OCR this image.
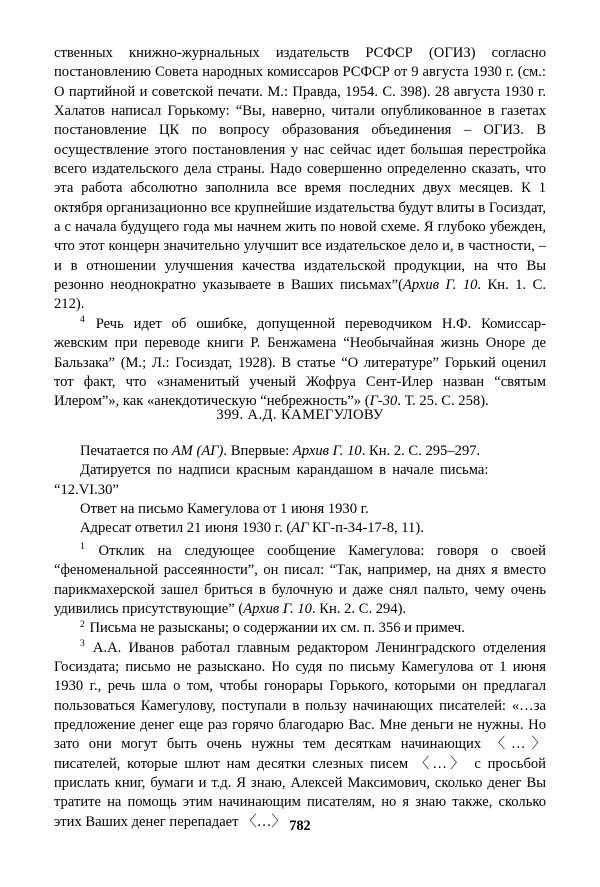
ственных книжно-журнальных издательств РСФСР (ОГИЗ) согласно постановлению Совета народных комиссаров РСФСР от 9 августа 1930 г. (см.: О партийной и советской печати. М.: Правда, 1954. С. 398). 28 августа 1930 г. Халатов написал Горькому: “Вы, наверно, читали опубликованное в газетах постановление ЦК по вопросу образования объединения – ОГИЗ. В осуществление этого постановления у нас сейчас идет большая перестройка всего издательского дела страны. Надо совершенно определенно сказать, что эта работа абсолютно заполнила все время последних двух месяцев. К 1 октября организационно все крупнейшие издательства будут влиты в Госиздат, а с начала будущего года мы начнем жить по новой схеме. Я глубоко убежден, что этот концерн значительно улучшит все издательское дело и, в частности, – и в отношении улучшения качества издательской продукции, на что Вы резонно неоднократно указываете в Ваших письмах”(Архив Г. 10. Кн. 1. С. 212).

$^4$ Речь идет об ошибке, допущенной переводчиком Н.Ф. Комиссар-жевским при переводе книги Р. Бенжамена “Необычайная жизнь Оноре де Бальзака” (М.; Л.: Госиздат, 1928). В статье “О литературе” Горький оценил тот факт, что «знаменитый ученый Жофруа Сент-Илер назван “святым Илером”», как «анекдотическую “небрежность”» (Г-30. Т. 25. С. 258).

399. А.Д. КАМЕГУЛОВУ

Печатается по АМ (АГ). Впервые: Архив Г. 10. Кн. 2. С. 295–297.

Датируется по надписи красным карандашом в начале письма:

“12.VI.30”

Ответ на письмо Камегулова от 1 июня 1930 г.

Адресат ответил 21 июня 1930 г. (АГ КГ-п-34-17-8, 11).

$^1$ Отклик на следующее сообщение Камегулова: говоря о своей “феноменальной рассеянности”, он писал: “Так, например, на днях я вместо парикмахерской зашел бриться в булочную и даже снял пальто, чему очень удивились присутствующие” (Архив Г. 10. Кн. 2. С. 294).

$^2$ Письма не разысканы; о содержании их см. п. 356 и примеч.

$^3$ А.А. Иванов работал главным редактором Ленинградского отделения Госиздата; письмо не разыскано. Но судя по письму Камегулова от 1 июня 1930 г., речь шла о том, чтобы гонорары Горького, которыми он предлагал пользоваться Камегулову, поступали в пользу начинающих писателей: «…за предложение денег еще раз горячо благодарю Вас. Мне деньги не нужны. Но зато они могут быть очень нужны тем десяткам начинающих 〈…〉 писателей, которые шлют нам десятки слезных писем 〈…〉 с просьбой прислать книг, бумаги и т.д. Я знаю, Алексей Максимович, сколько денег Вы тратите на помощь этим начинающим писателям, но я знаю также, сколько этих Ваших денег перепадает 〈…〉 782
